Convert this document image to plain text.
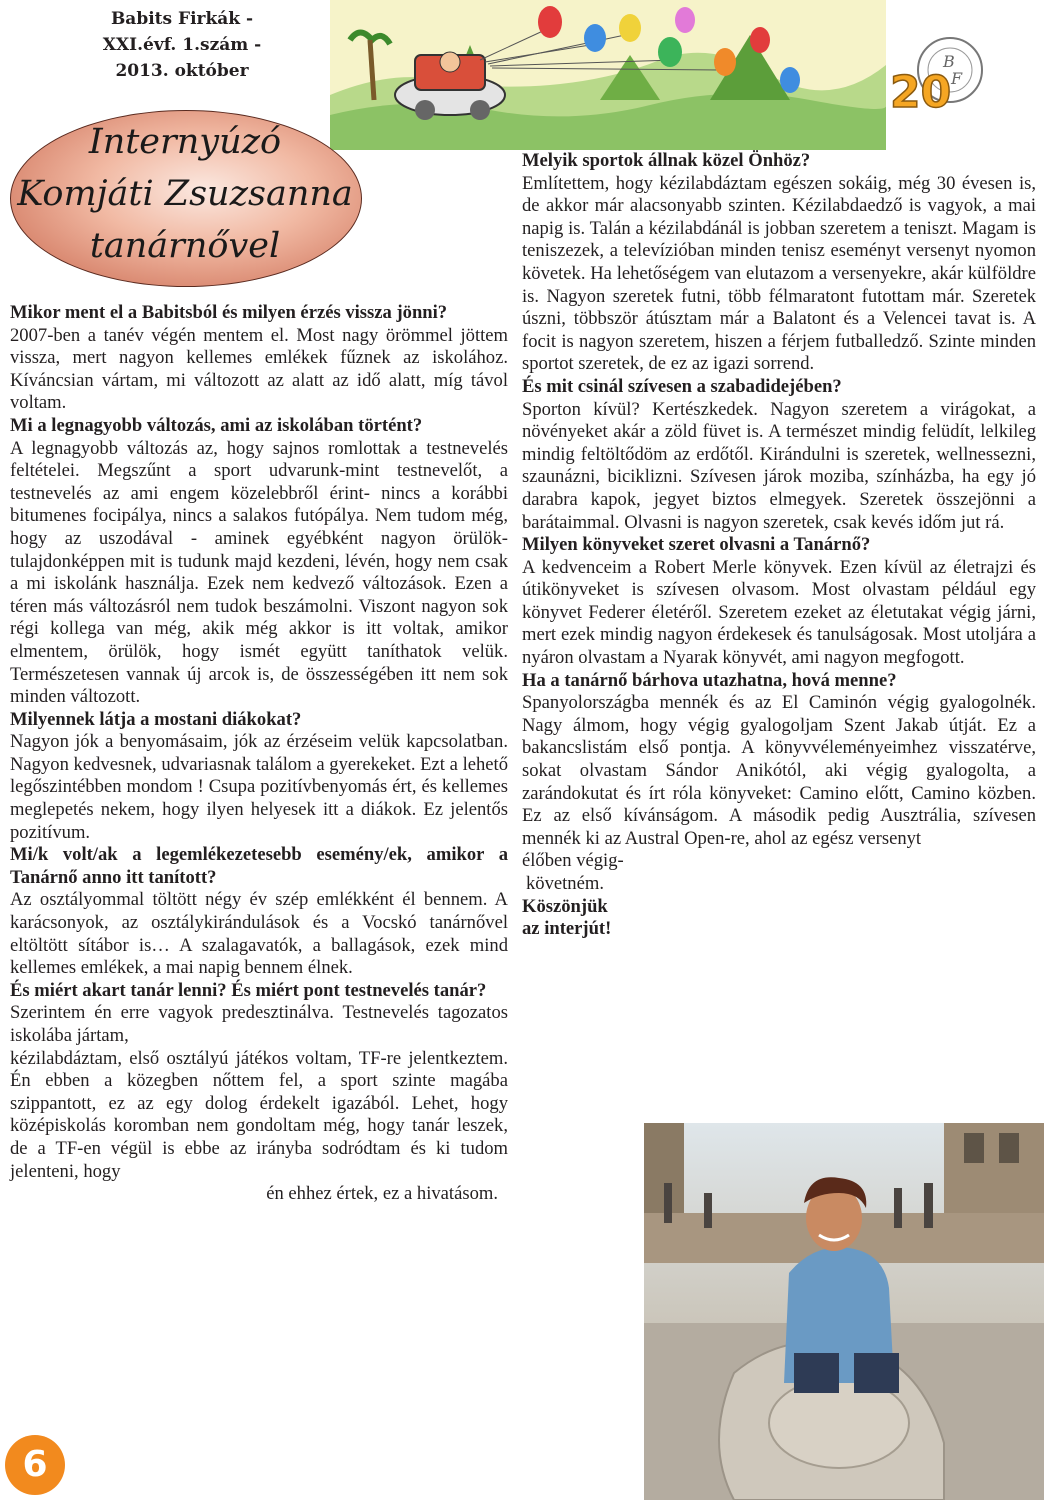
Babits Firkák -
XXI.évf. 1.szám -
2013. október	B
F
20
Internyúzó
Komjáti Zsuzsanna
tanárnővel

Mikor ment el a Babitsból és milyen érzés vissza jönni?

2007-ben a tanév végén mentem el. Most nagy örömmel jöttem vissza, mert nagyon kellemes emlékek fűznek az iskolához. Kíváncsian vártam, mi változott az alatt az idő alatt, míg távol voltam.

Mi a legnagyobb változás, ami az iskolában történt?

A legnagyobb változás az, hogy sajnos romlottak a testnevelés feltételei. Megszűnt a sport udvarunk-mint testnevelőt, a testnevelés az ami engem közelebbről érint- nincs a korábbi bitumenes focipálya, nincs a salakos futópálya. Nem tudom még, hogy az uszodával - aminek egyébként nagyon örülök- tulajdonképpen mit is tudunk majd kezdeni, lévén, hogy nem csak a mi iskolánk használja. Ezek nem kedvező változások. Ezen a téren más változásról nem tudok beszámolni. Viszont nagyon sok régi kollega van még, akik még akkor is itt voltak, amikor elmentem, örülök, hogy ismét együtt taníthatok velük. Természetesen vannak új arcok is, de összességében itt nem sok minden változott.

Milyennek látja a mostani diákokat?

Nagyon jók a benyomásaim, jók az érzéseim velük kapcsolatban. Nagyon kedvesnek, udvariasnak találom a gyerekeket. Ezt a lehető legőszintébben mondom ! Csupa pozitívbenyomás ért, és kellemes meglepetés nekem, hogy ilyen helyesek itt a diákok. Ez jelentős pozitívum.

Mi/k volt/ak a legemlékezetesebb esemény/ek, amikor a Tanárnő anno itt tanított?

Az osztályommal töltött négy év szép emlékként él bennem. A karácsonyok, az osztálykirándulások és a Vocskó tanárnővel eltöltött sítábor is… A szalagavatók, a ballagások, ezek mind kellemes emlékek, a mai napig bennem élnek.

És miért akart tanár lenni? És miért pont testnevelés tanár?

Szerintem én erre vagyok predesztinálva. Testnevelés tagozatos iskolába jártam,

kézilabdáztam, első osztályú játékos voltam, TF-re jelentkeztem. Én ebben a közegben nőttem fel, a sport szinte magába szippantott, ez az egy dolog érdekelt igazából. Lehet, hogy középiskolás koromban nem gondoltam még, hogy tanár leszek, de a TF-en végül is ebbe az irányba sodródtam és ki tudom jelenteni, hogy

én ehhez értek, ez a hivatásom.

Melyik sportok állnak közel Önhöz?

Említettem, hogy kézilabdáztam egészen sokáig, még 30 évesen is, de akkor már alacsonyabb szinten. Kézilabdaedző is vagyok, a mai napig is. Talán a kézilabdánál is jobban szeretem a teniszt. Magam is teniszezek, a televízióban minden tenisz eseményt versenyt nyomon követek. Ha lehetőségem van elutazom a versenyekre, akár külföldre is. Nagyon szeretek futni, több félmaratont futottam már. Szeretek úszni, többször átúsztam már a Balatont és a Velencei tavat is. A focit is nagyon szeretem, hiszen a férjem futballedző. Szinte minden sportot szeretek, de ez az igazi sorrend.

És mit csinál szívesen a szabadidejében?

Sporton kívül? Kertészkedek. Nagyon szeretem a virágokat, a növényeket akár a zöld füvet is. A természet mindig felüdít, lelkileg mindig feltöltődöm az erdőtől. Kirándulni is szeretek, wellnessezni, szaunázni, biciklizni. Szívesen járok moziba, színházba, ha egy jó darabra kapok, jegyet biztos elmegyek. Szeretek összejönni a barátaimmal. Olvasni is nagyon szeretek, csak kevés időm jut rá.

Milyen könyveket szeret olvasni a Tanárnő?

A kedvenceim a Robert Merle könyvek. Ezen kívül az életrajzi és útikönyveket is szívesen olvasom. Most olvastam például egy könyvet Federer életéről. Szeretem ezeket az életutakat végig járni, mert ezek mindig nagyon érdekesek és tanulságosak. Most utoljára a nyáron olvastam a Nyarak könyvét, ami nagyon megfogott.

Ha a tanárnő bárhova utazhatna, hová menne?

Spanyolországba mennék és az El Caminón végig gyalogolnék. Nagy álmom, hogy végig gyalogoljam Szent Jakab útját. Ez a bakancslistám első pontja. A könyvvéleményeimhez visszatérve, sokat olvastam Sándor Anikótól, aki végig gyalogolta, a zarándokutat és írt róla könyveket: Camino előtt, Camino közben. Ez az első kívánságom. A második pedig Ausztrália, szívesen mennék ki az Austral Open-re, ahol az egész versenyt

élőben végig-

követném.

Köszönjük

az interjút!

6
